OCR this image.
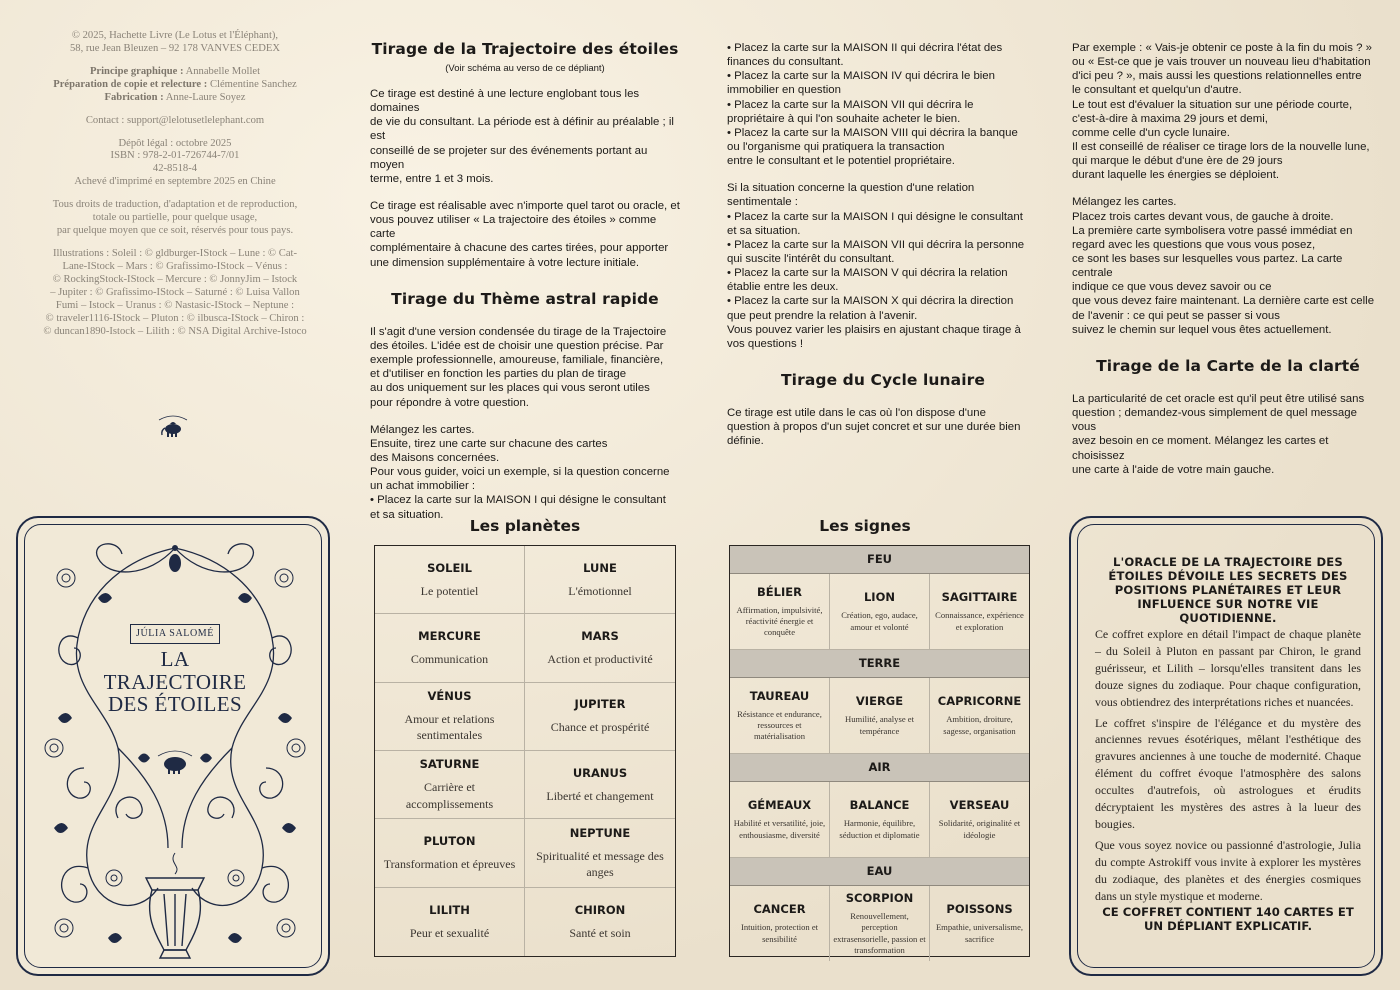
© 2025, Hachette Livre (Le Lotus et l'Éléphant),
58, rue Jean Bleuzen – 92 178 VANVES CEDEX

Principe graphique : Annabelle Mollet
Préparation de copie et relecture : Clémentine Sanchez
Fabrication : Anne-Laure Soyez

Contact : support@lelotusetlelephant.com

Dépôt légal : octobre 2025
ISBN : 978-2-01-726744-7/01
42-8518-4
Achevé d'imprimé en septembre 2025 en Chine

Tous droits de traduction, d'adaptation et de reproduction,
totale ou partielle, pour quelque usage,
par quelque moyen que ce soit, réservés pour tous pays.

Illustrations : Soleil : © gldburger-IStock – Lune : © Cat-
Lane-IStock – Mars : © Grafissimo-IStock – Vénus :
© RockingStock-IStock – Mercure : © JonnyJim – Istock
– Jupiter : © Grafissimo-IStock – Saturné : © Luisa Vallon
Fumi – Istock – Uranus : © Nastasic-IStock – Neptune :
© traveler1116-IStock – Pluton : © ilbusca-IStock – Chiron :
© duncan1890-Istock – Lilith : © NSA Digital Archive-Istoco

Tirage de la Trajectoire des étoiles
(Voir schéma au verso de ce dépliant)

Ce tirage est destiné à une lecture englobant tous les domaines
de vie du consultant. La période est à définir au préalable ; il est
conseillé de se projeter sur des événements portant au moyen
terme, entre 1 et 3 mois.

Ce tirage est réalisable avec n'importe quel tarot ou oracle, et
vous pouvez utiliser « La trajectoire des étoiles » comme carte
complémentaire à chacune des cartes tirées, pour apporter
une dimension supplémentaire à votre lecture initiale.

Tirage du Thème astral rapide

Il s'agit d'une version condensée du tirage de la Trajectoire
des étoiles. L'idée est de choisir une question précise. Par
exemple professionnelle, amoureuse, familiale, financière,
et d'utiliser en fonction les parties du plan de tirage
au dos uniquement sur les places qui vous seront utiles
pour répondre à votre question.

Mélangez les cartes.
Ensuite, tirez une carte sur chacune des cartes
des Maisons concernées.
Pour vous guider, voici un exemple, si la question concerne
un achat immobilier :
• Placez la carte sur la MAISON I qui désigne le consultant
et sa situation.

• Placez la carte sur la MAISON II qui décrira l'état des
finances du consultant.
• Placez la carte sur la MAISON IV qui décrira le bien
immobilier en question
• Placez la carte sur la MAISON VII qui décrira le
propriétaire à qui l'on souhaite acheter le bien.
• Placez la carte sur la MAISON VIII qui décrira la banque
ou l'organisme qui pratiquera la transaction
entre le consultant et le potentiel propriétaire.

Si la situation concerne la question d'une relation
sentimentale :
• Placez la carte sur la MAISON I qui désigne le consultant
et sa situation.
• Placez la carte sur la MAISON VII qui décrira la personne
qui suscite l'intérêt du consultant.
• Placez la carte sur la MAISON V qui décrira la relation
établie entre les deux.
• Placez la carte sur la MAISON X qui décrira la direction
que peut prendre la relation à l'avenir.
Vous pouvez varier les plaisirs en ajustant chaque tirage à
vos questions !

Tirage du Cycle lunaire

Ce tirage est utile dans le cas où l'on dispose d'une
question à propos d'un sujet concret et sur une durée bien
définie.

Par exemple : « Vais-je obtenir ce poste à la fin du mois ? »
ou « Est-ce que je vais trouver un nouveau lieu d'habitation
d'ici peu ? », mais aussi les questions relationnelles entre
le consultant et quelqu'un d'autre.
Le tout est d'évaluer la situation sur une période courte,
c'est-à-dire à maxima 29 jours et demi,
comme celle d'un cycle lunaire.
Il est conseillé de réaliser ce tirage lors de la nouvelle lune,
qui marque le début d'une ère de 29 jours
durant laquelle les énergies se déploient.

Mélangez les cartes.
Placez trois cartes devant vous, de gauche à droite.
La première carte symbolisera votre passé immédiat en
regard avec les questions que vous vous posez,
ce sont les bases sur lesquelles vous partez. La carte centrale
indique ce que vous devez savoir ou ce
que vous devez faire maintenant. La dernière carte est celle
de l'avenir : ce qui peut se passer si vous
suivez le chemin sur lequel vous êtes actuellement.

Tirage de la Carte de la clarté

La particularité de cet oracle est qu'il peut être utilisé sans
question ; demandez-vous simplement de quel message vous
avez besoin en ce moment. Mélangez les cartes et choisissez
une carte à l'aide de votre main gauche.

JÚLIA SALOMÉ
LA
TRAJECTOIRE
DES ÉTOILES
Les planètes
SOLEIL
Le potentiel
LUNE
L'émotionnel
MERCURE
Communication
MARS
Action et productivité
VÉNUS
Amour et relations sentimentales
JUPITER
Chance et prospérité
SATURNE
Carrière et accomplissements
URANUS
Liberté et changement
PLUTON
Transformation et épreuves
NEPTUNE
Spiritualité et message des anges
LILITH
Peur et sexualité
CHIRON
Santé et soin
Les signes
FEU
BÉLIER
Affirmation, impulsivité, réactivité énergie et conquête
LION
Création, ego, audace, amour et volonté
SAGITTAIRE
Connaissance, expérience et exploration
TERRE
TAUREAU
Résistance et endurance, ressources et matérialisation
VIERGE
Humilité, analyse et tempérance
CAPRICORNE
Ambition, droiture, sagesse, organisation
AIR
GÉMEAUX
Habilité et versatilité, joie, enthousiasme, diversité
BALANCE
Harmonie, équilibre, séduction et diplomatie
VERSEAU
Solidarité, originalité et idéologie
EAU
CANCER
Intuition, protection et sensibilité
SCORPION
Renouvellement, perception extrasensorielle, passion et transformation
POISSONS
Empathie, universalisme, sacrifice
L'ORACLE DE LA TRAJECTOIRE DES ÉTOILES DÉVOILE LES SECRETS DES POSITIONS PLANÉTAIRES ET LEUR INFLUENCE SUR NOTRE VIE QUOTIDIENNE.

Ce coffret explore en détail l'impact de chaque planète – du Soleil à Pluton en passant par Chiron, le grand guérisseur, et Lilith – lorsqu'elles transitent dans les douze signes du zodiaque. Pour chaque configuration, vous obtiendrez des interprétations riches et nuancées.

Le coffret s'inspire de l'élégance et du mystère des anciennes revues ésotériques, mêlant l'esthétique des gravures anciennes à une touche de modernité. Chaque élément du coffret évoque l'atmosphère des salons occultes d'autrefois, où astrologues et érudits décryptaient les mystères des astres à la lueur des bougies.

Que vous soyez novice ou passionné d'astrologie, Julia du compte Astrokiff vous invite à explorer les mystères du zodiaque, des planètes et des énergies cosmiques dans un style mystique et moderne.

CE COFFRET CONTIENT 140 CARTES ET UN DÉPLIANT EXPLICATIF.
